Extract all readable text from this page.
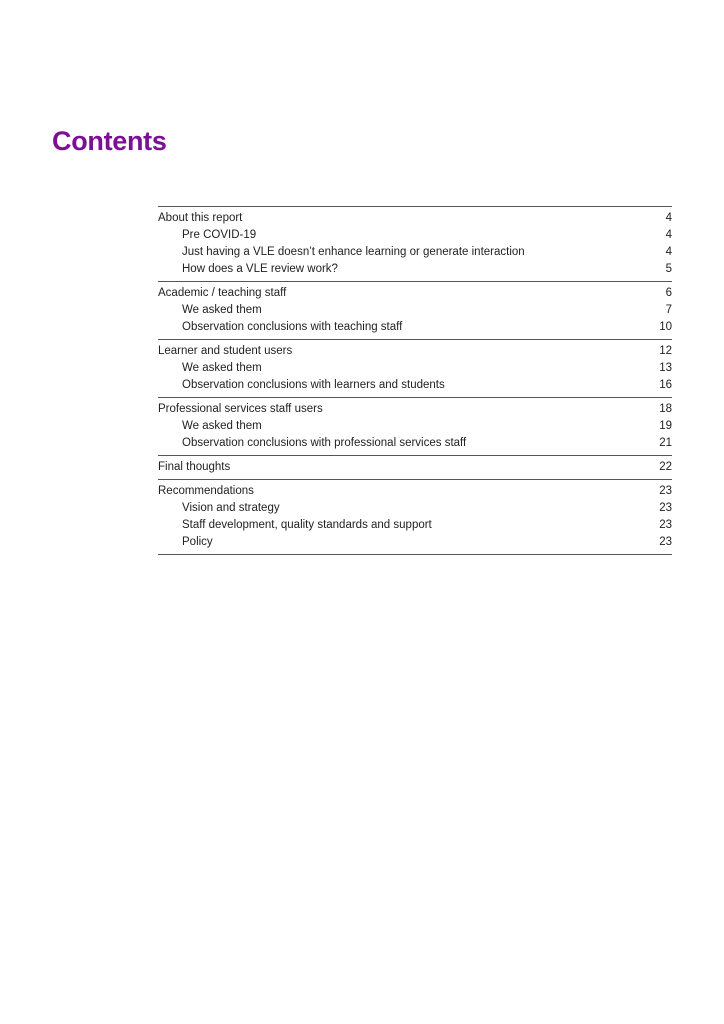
Contents
About this report	4
Pre COVID-19	4
Just having a VLE doesn’t enhance learning or generate interaction	4
How does a VLE review work?	5
Academic / teaching staff	6
We asked them	7
Observation conclusions with teaching staff	10
Learner and student users	12
We asked them	13
Observation conclusions with learners and students	16
Professional services staff users	18
We asked them	19
Observation conclusions with professional services staff	21
Final thoughts	22
Recommendations	23
Vision and strategy	23
Staff development, quality standards and support	23
Policy	23
